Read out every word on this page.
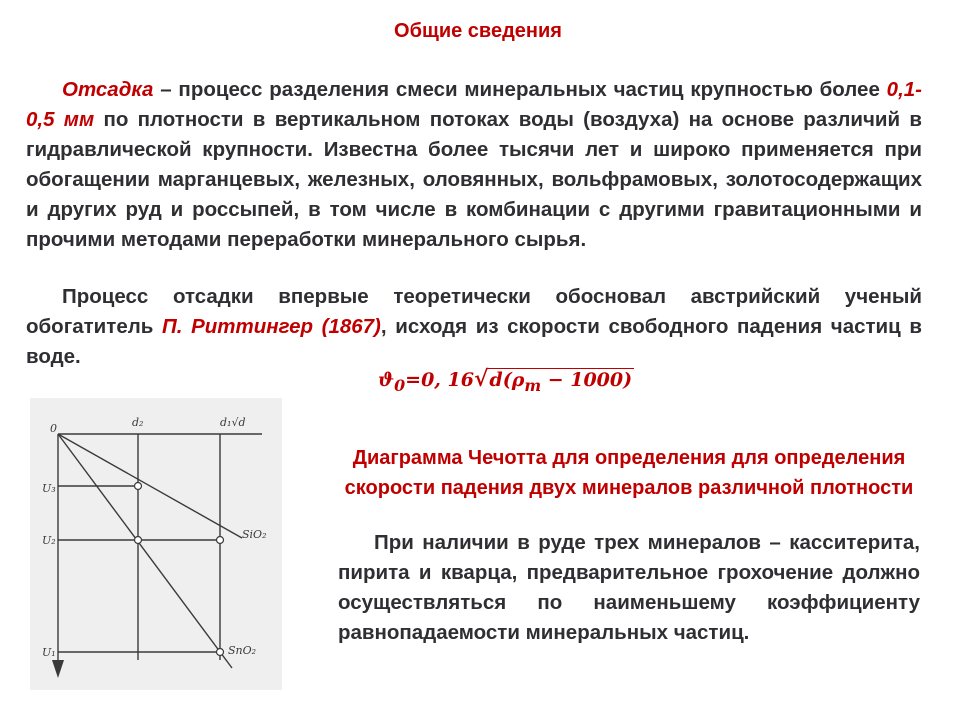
Общие сведения
Отсадка – процесс разделения смеси минеральных частиц крупностью более 0,1-0,5 мм по плотности в вертикальном потоках воды (воздуха) на основе различий в гидравлической крупности. Известна более тысячи лет и широко применяется при обогащении марганцевых, железных, оловянных, вольфрамовых, золотосодержащих и других руд и россыпей, в том числе в комбинации с другими гравитационными и прочими методами переработки минерального сырья.
Процесс отсадки впервые теоретически обосновал австрийский ученый обогатитель П. Риттингер (1867), исходя из скорости свободного падения частиц в воде.
$ϑ_0=0$, $16√d(\rho_т - 1000)$
0	d₂	d₁√d
U₃
U₂
U₁
SiO₂
SnO₂
Диаграмма Чечотта для определения для определения скорости падения двух минералов различной плотности
При наличии в руде трех минералов – касситерита, пирита и кварца, предварительное грохочение должно осуществляться по наименьшему коэффициенту равнопадаемости минеральных частиц.
